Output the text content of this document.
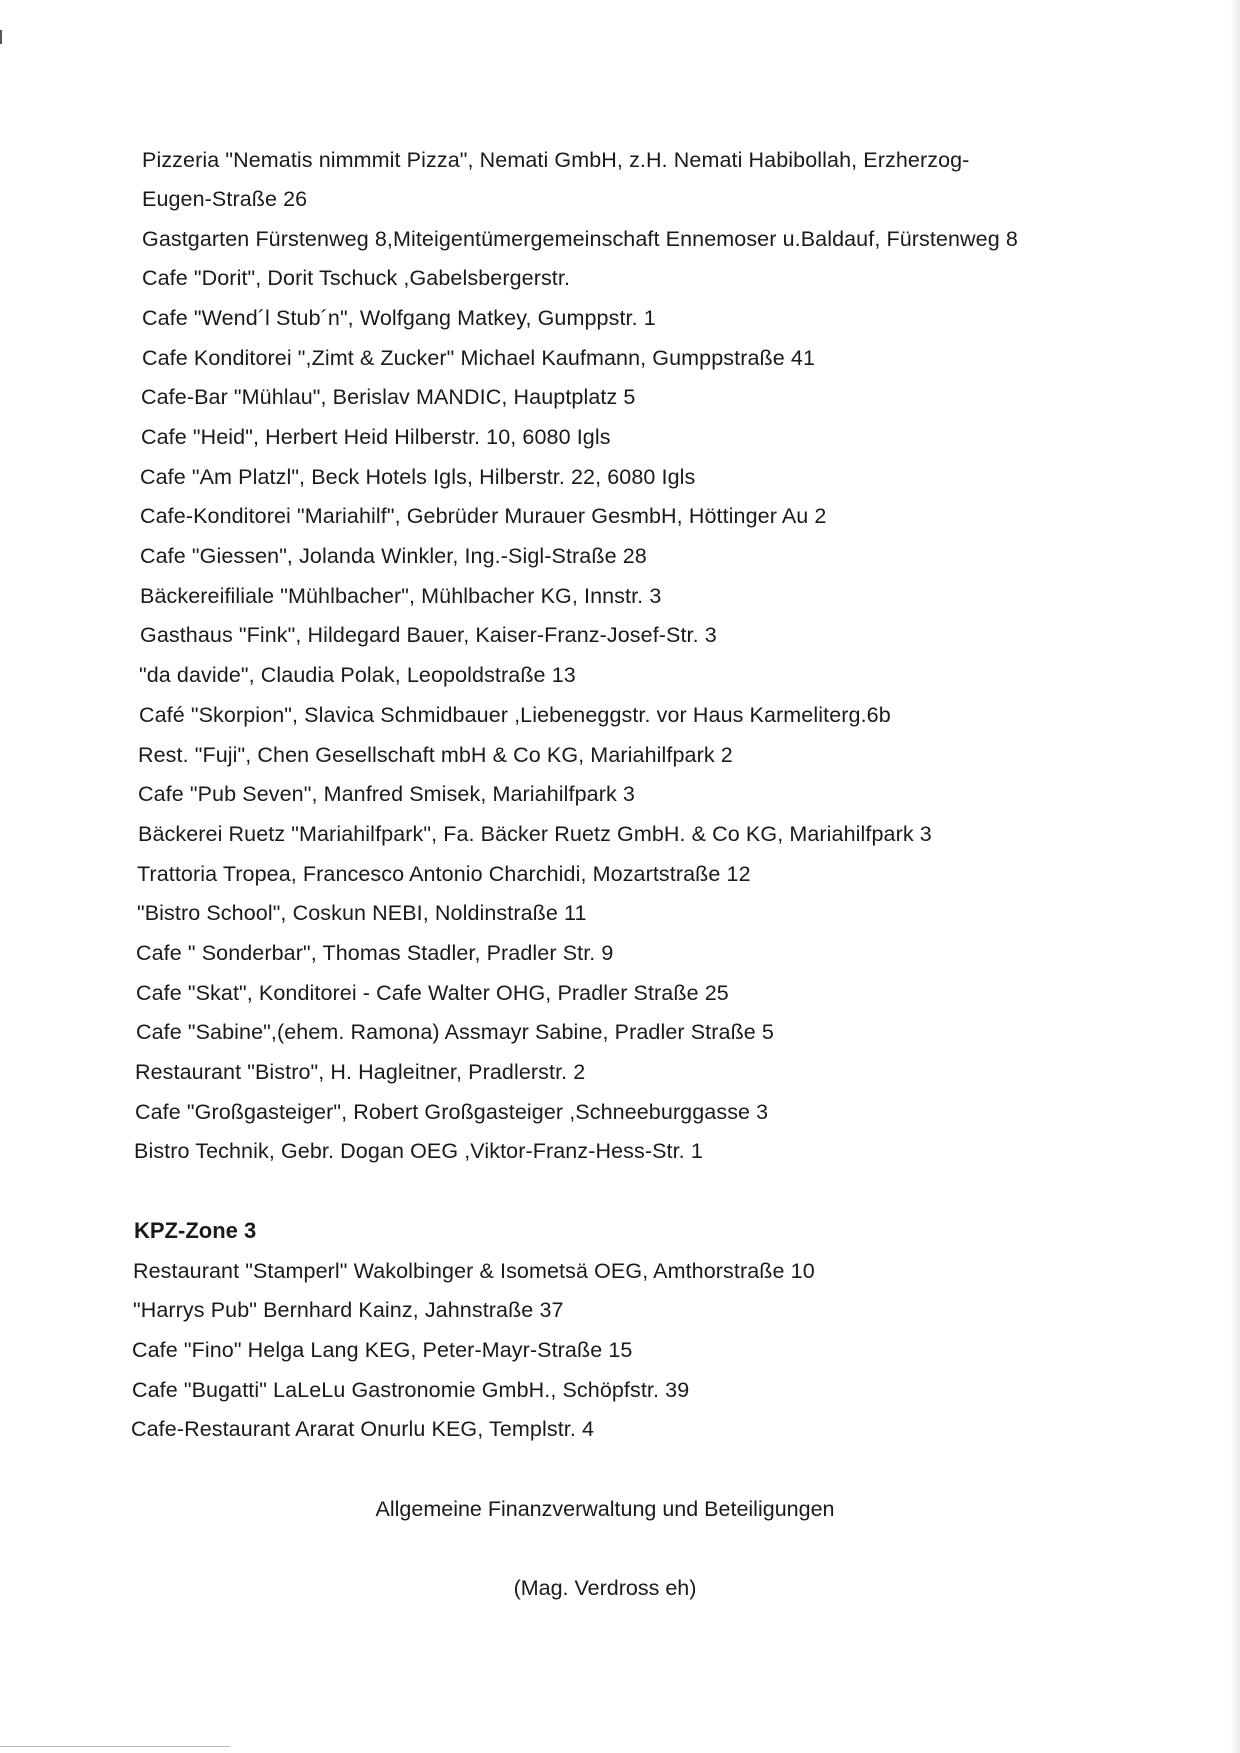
Pizzeria "Nematis nimmmit Pizza", Nemati GmbH, z.H. Nemati Habibollah, Erzherzog-
Eugen-Straße 26
Gastgarten Fürstenweg 8,Miteigentümergemeinschaft Ennemoser u.Baldauf, Fürstenweg 8
Cafe "Dorit", Dorit Tschuck ,Gabelsbergerstr.
Cafe "Wend´l Stub´n", Wolfgang Matkey, Gumppstr. 1
Cafe Konditorei ",Zimt & Zucker" Michael Kaufmann, Gumppstraße 41
Cafe-Bar "Mühlau", Berislav MANDIC, Hauptplatz 5
Cafe "Heid", Herbert Heid Hilberstr. 10, 6080 Igls
Cafe "Am Platzl", Beck Hotels Igls, Hilberstr. 22, 6080 Igls
Cafe-Konditorei "Mariahilf", Gebrüder Murauer GesmbH, Höttinger Au 2
Cafe "Giessen", Jolanda Winkler, Ing.-Sigl-Straße 28
Bäckereifiliale "Mühlbacher", Mühlbacher KG, Innstr. 3
Gasthaus "Fink", Hildegard Bauer, Kaiser-Franz-Josef-Str. 3
"da davide", Claudia Polak, Leopoldstraße 13
Café "Skorpion", Slavica Schmidbauer ,Liebeneggstr. vor Haus Karmeliterg.6b
Rest. "Fuji", Chen Gesellschaft mbH & Co KG, Mariahilfpark 2
Cafe "Pub Seven", Manfred Smisek, Mariahilfpark 3
Bäckerei Ruetz "Mariahilfpark", Fa. Bäcker Ruetz GmbH. & Co KG, Mariahilfpark 3
Trattoria Tropea, Francesco Antonio Charchidi, Mozartstraße 12
"Bistro School", Coskun NEBI, Noldinstraße 11
Cafe " Sonderbar", Thomas Stadler, Pradler Str. 9
Cafe "Skat", Konditorei - Cafe Walter OHG, Pradler Straße 25
Cafe "Sabine",(ehem. Ramona) Assmayr Sabine, Pradler Straße 5
Restaurant "Bistro", H. Hagleitner, Pradlerstr. 2
Cafe "Großgasteiger", Robert Großgasteiger ,Schneeburggasse 3
Bistro Technik, Gebr. Dogan OEG ,Viktor-Franz-Hess-Str. 1
KPZ-Zone 3
Restaurant "Stamperl" Wakolbinger & Isometsä OEG, Amthorstraße 10
"Harrys Pub" Bernhard Kainz, Jahnstraße 37
Cafe "Fino" Helga Lang KEG, Peter-Mayr-Straße 15
Cafe "Bugatti" LaLeLu Gastronomie GmbH., Schöpfstr. 39
Cafe-Restaurant Ararat Onurlu KEG, Templstr. 4
Allgemeine Finanzverwaltung und Beteiligungen
(Mag. Verdross eh)
